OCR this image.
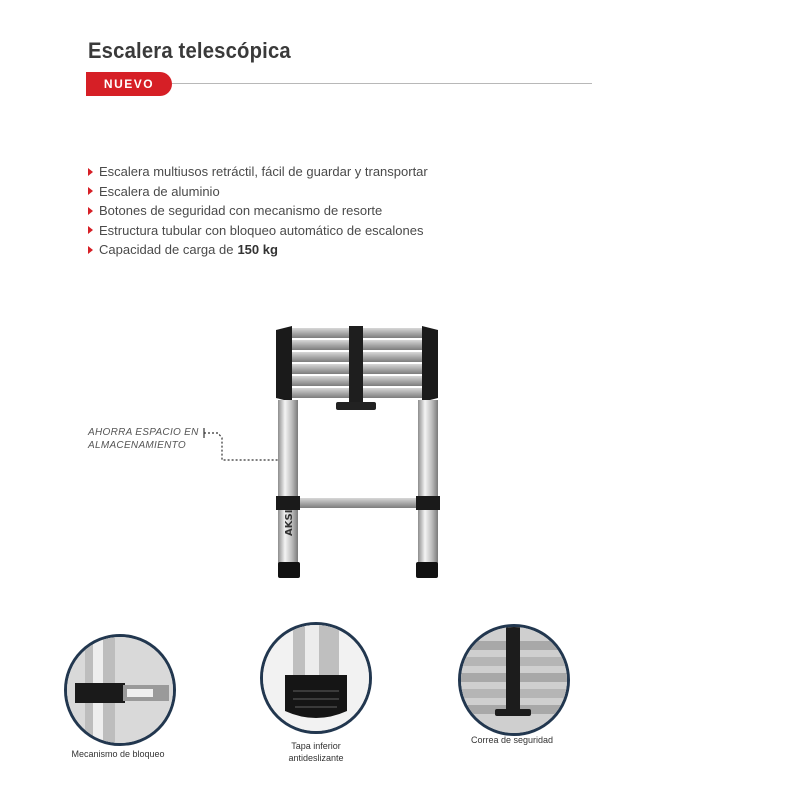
Escalera telescópica
NUEVO
Escalera multiusos retráctil, fácil de guardar y transportar
Escalera de aluminio
Botones de seguridad con mecanismo de resorte
Estructura tubular con bloqueo automático de escalones
Capacidad de carga de 150 kg
AHORRA ESPACIO EN
ALMACENAMIENTO
AKSI
Mecanismo de bloqueo
Tapa inferior antideslizante
Correa de seguridad
